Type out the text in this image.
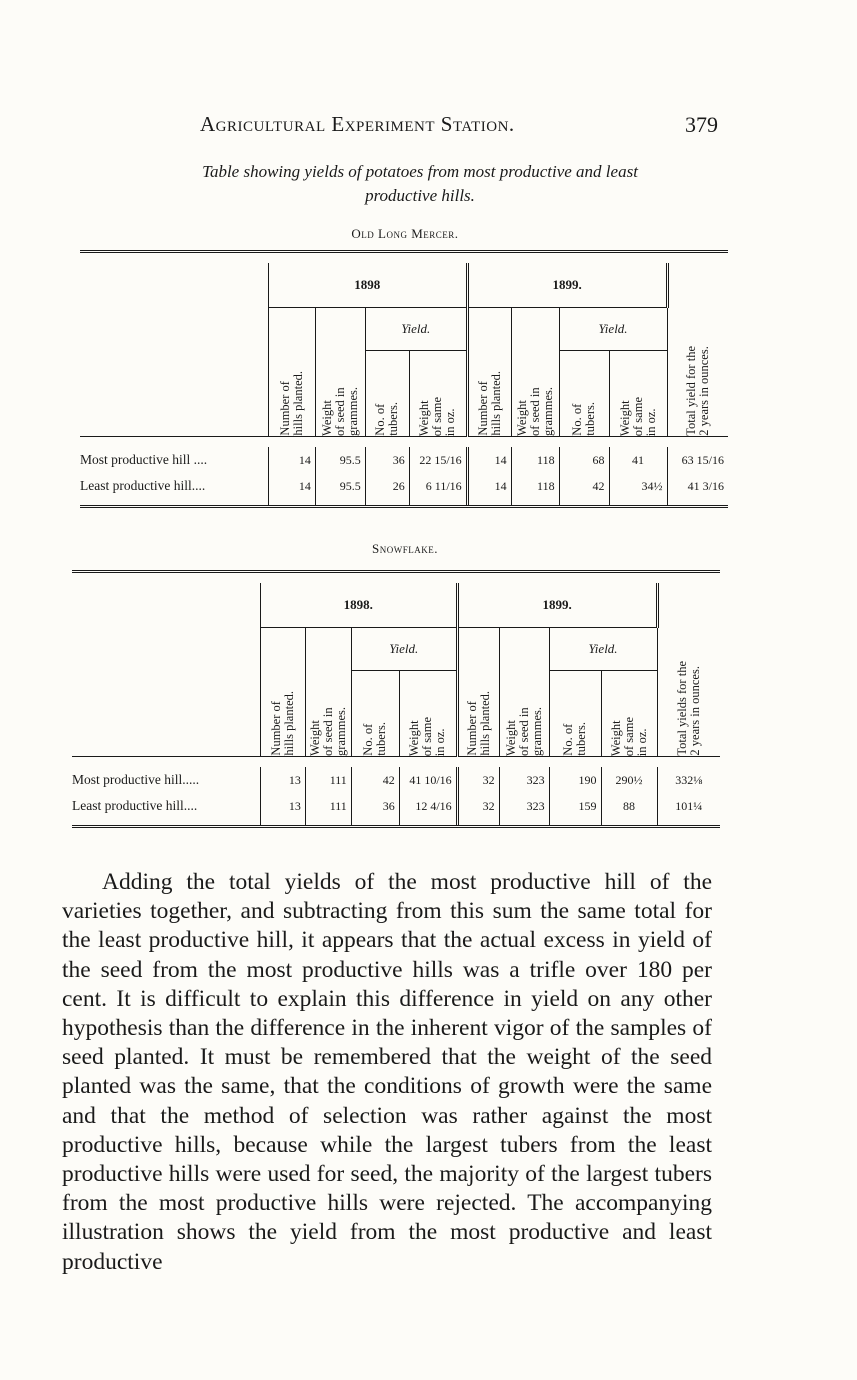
Agricultural Experiment Station.	379
Table showing yields of potatoes from most productive and least
productive hills.
Old Long Mercer.

	1898				1899.				Total yield for the
2 years in ounces.

	Number of
hills planted.	Weight
of seed in
grammes.	Yield.		Number of
hills planted.	Weight
of seed in
grammes.	Yield.		

			No. of
tubers.	Weight
of same
in oz.			No. of
tubers.	Weight
of same
in oz.	

Most productive hill ....	14	95.5	36	22 15/16	14	118	68	41	63 15/16
Least productive hill....	14	95.5	26	6 11/16	14	118	42	34½	41 3/16

Snowflake.

	1898.				1899.				Total yields for the
2 years in ounces.

	Number of
hills planted.	Weight
of seed in
grammes.	Yield.		Number of
hills planted.	Weight
of seed in
grammes.	Yield.		

			No. of
tubers.	Weight
of same
in oz.			No. of
tubers.	Weight
of same
in oz.	

Most productive hill.....	13	111	42	41 10/16	32	323	190	290½	332⅛
Least productive hill....	13	111	36	12 4/16	32	323	159	88	101¼

Adding the total yields of the most productive hill of the varieties together, and subtracting from this sum the same total for the least productive hill, it appears that the actual excess in yield of the seed from the most productive hills was a trifle over 180 per cent. It is difficult to explain this difference in yield on any other hypothesis than the difference in the inherent vigor of the samples of seed planted. It must be remembered that the weight of the seed planted was the same, that the conditions of growth were the same and that the method of selection was rather against the most productive hills, because while the largest tubers from the least productive hills were used for seed, the majority of the largest tubers from the most productive hills were rejected. The accompanying illustration shows the yield from the most productive and least productive
